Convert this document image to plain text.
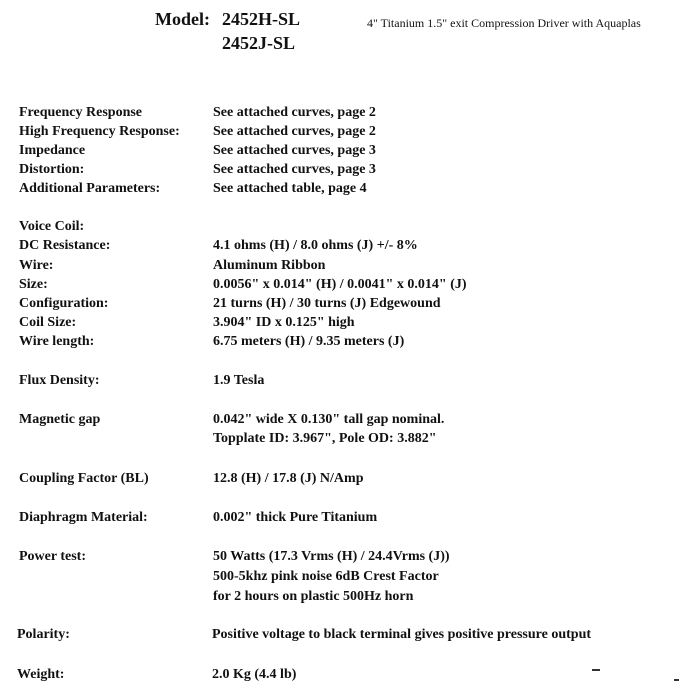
Model: 2452H-SL
2452J-SL
4" Titanium 1.5" exit Compression Driver with Aquaplas
Frequency Response	See attached curves, page 2
High Frequency Response: See attached curves, page 2
Impedance	See attached curves, page 3
Distortion:	See attached curves, page 3
Additional Parameters:	See attached table, page 4
Voice Coil:
DC Resistance:	4.1 ohms (H) / 8.0 ohms (J) +/- 8%
Wire:	Aluminum Ribbon
Size:	0.0056" x 0.014" (H) / 0.0041" x 0.014" (J)
Configuration:	21 turns (H) / 30 turns (J) Edgewound
Coil Size:	3.904" ID x 0.125" high
Wire length:	6.75 meters (H) / 9.35 meters (J)
Flux Density:	1.9 Tesla
Magnetic gap	0.042" wide X 0.130" tall gap nominal.
Topplate ID: 3.967", Pole OD: 3.882"
Coupling Factor (BL)	12.8 (H) / 17.8 (J) N/Amp
Diaphragm Material:	0.002" thick Pure Titanium
Power test:	50 Watts (17.3 Vrms (H) / 24.4Vrms (J))
500-5khz pink noise 6dB Crest Factor
for 2 hours on plastic 500Hz horn
Polarity:	Positive voltage to black terminal gives positive pressure output
Weight:	2.0 Kg (4.4 lb)
